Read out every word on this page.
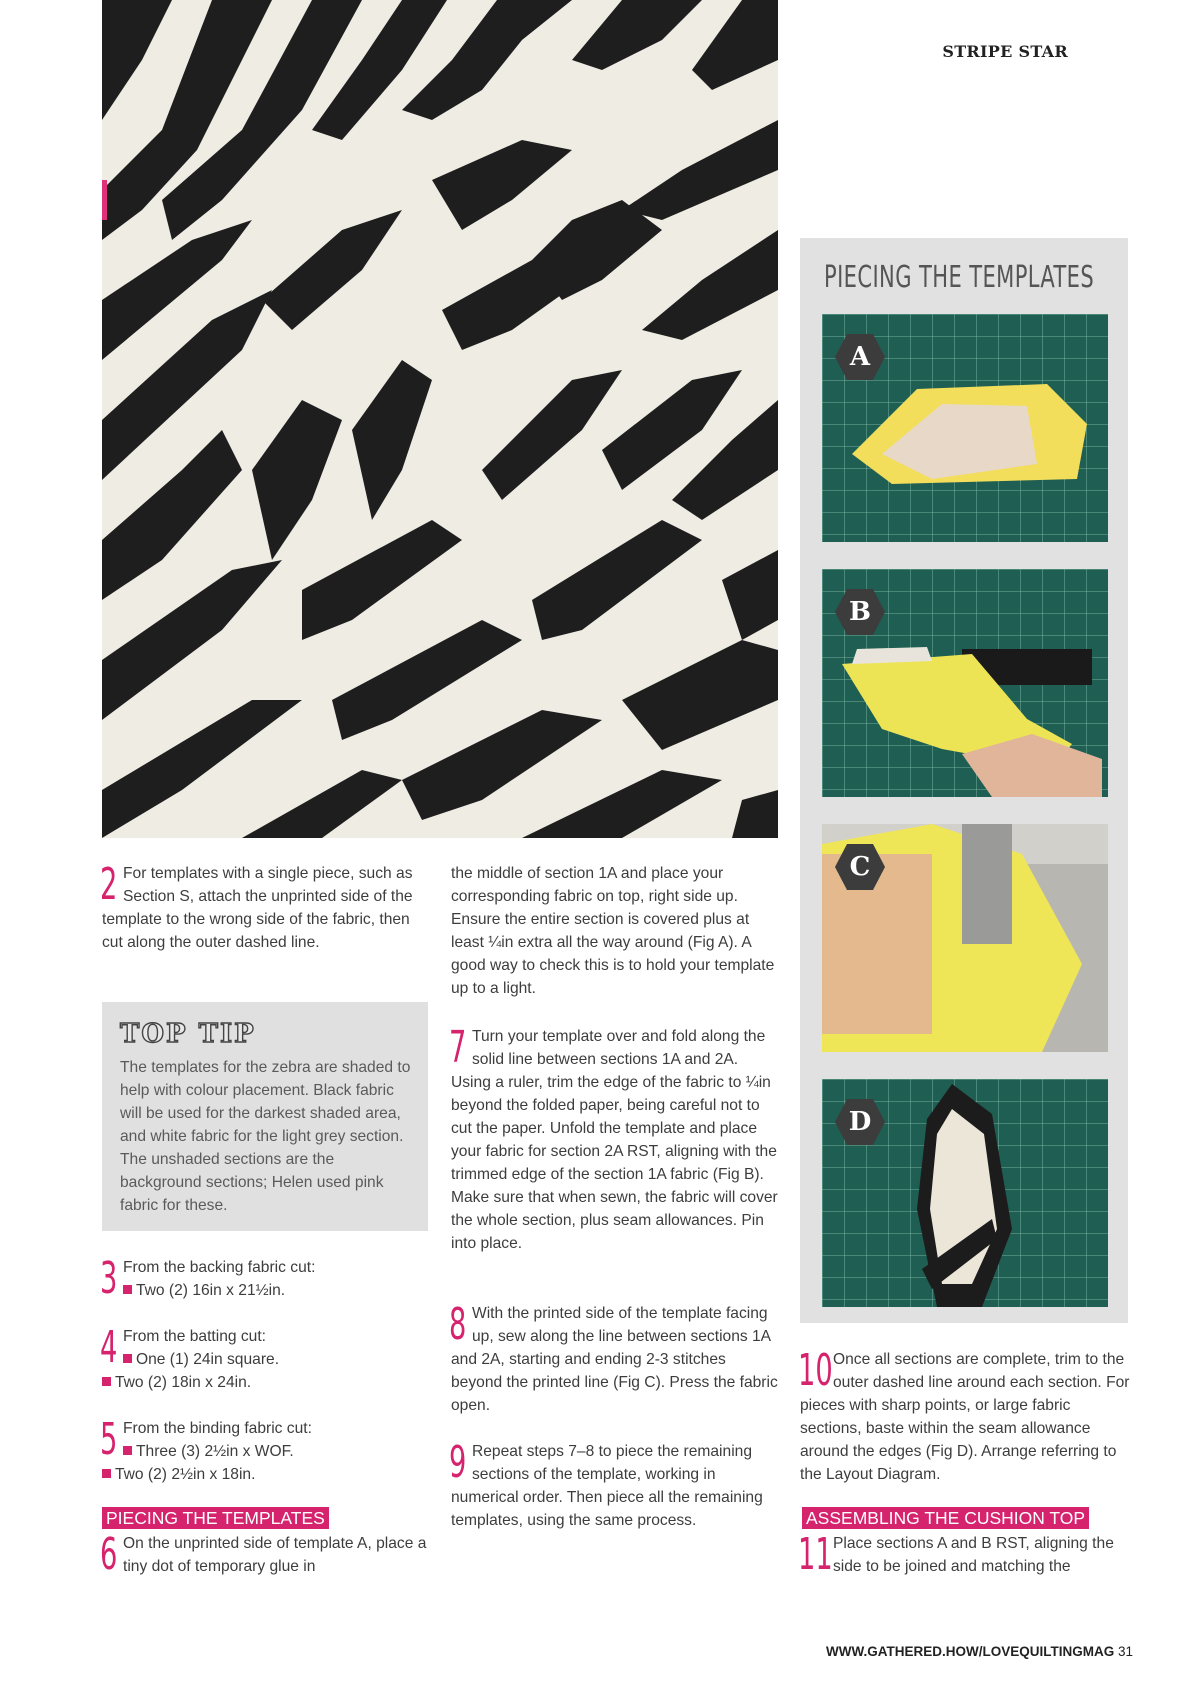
STRIPE STAR
2 For templates with a single piece, such as Section S, attach the unprinted side of the template to the wrong side of the fabric, then cut along the outer dashed line.

TOP TIP
The templates for the zebra are shaded to help with colour placement. Black fabric will be used for the darkest shaded area, and white fabric for the light grey section. The unshaded sections are the background sections; Helen used pink fabric for these.
3 From the backing fabric cut:

Two (2) 16in x 21½in.

4 From the batting cut:

One (1) 24in square.

Two (2) 18in x 24in.

5 From the binding fabric cut:

Three (3) 2½in x WOF.

Two (2) 2½in x 18in.

PIECING THE TEMPLATES
6 On the unprinted side of template A, place a tiny dot of temporary glue in

the middle of section 1A and place your corresponding fabric on top, right side up. Ensure the entire section is covered plus at least ¼in extra all the way around (Fig A). A good way to check this is to hold your template up to a light.
7 Turn your template over and fold along the solid line between sections 1A and 2A. Using a ruler, trim the edge of the fabric to ¼in beyond the folded paper, being careful not to cut the paper. Unfold the template and place your fabric for section 2A RST, aligning with the trimmed edge of the section 1A fabric (Fig B). Make sure that when sewn, the fabric will cover the whole section, plus seam allowances. Pin into place.

8 With the printed side of the template facing up, sew along the line between sections 1A and 2A, starting and ending 2-3 stitches beyond the printed line (Fig C). Press the fabric open.

9 Repeat steps 7–8 to piece the remaining sections of the template, working in numerical order. Then piece all the remaining templates, using the same process.

PIECING THE TEMPLATES
A
B
C
D
10 Once all sections are complete, trim to the outer dashed line around each section. For pieces with sharp points, or large fabric sections, baste within the seam allowance around the edges (Fig D). Arrange referring to the Layout Diagram.

ASSEMBLING THE CUSHION TOP
11 Place sections A and B RST, aligning the side to be joined and matching the

WWW.GATHERED.HOW/LOVEQUILTINGMAG 31
